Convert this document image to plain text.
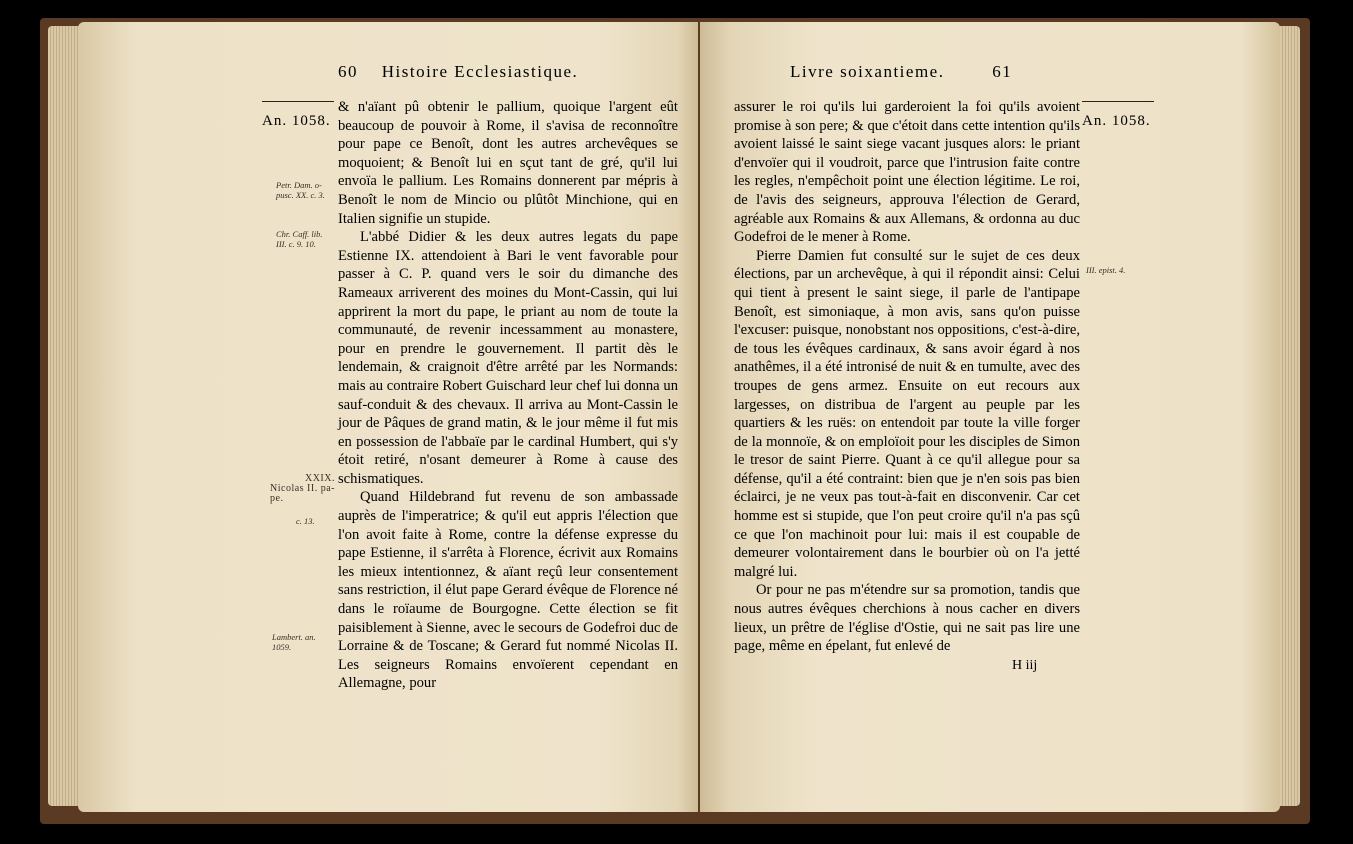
60 Histoire Ecclesiastique.
An. 1058.
Petr. Dam. o-
pusc. XX. c. 3.
Chr. Caff. lib.
III. c. 9. 10.
XXIX.
Nicolas II. pa-
pe.
c. 13.
Lambert. an.
1059.

& n'aïant pû obtenir le pallium, quoique l'argent eût beaucoup de pouvoir à Rome, il s'avisa de reconnoître pour pape ce Benoît, dont les autres archevêques se moquoient; & Benoît lui en sçut tant de gré, qu'il lui envoïa le pallium. Les Romains donnerent par mépris à Benoît le nom de Mincio ou plûtôt Minchione, qui en Italien signifie un stupide.

L'abbé Didier & les deux autres legats du pape Estienne IX. attendoient à Bari le vent favorable pour passer à C. P. quand vers le soir du dimanche des Rameaux arriverent des moines du Mont-Cassin, qui lui apprirent la mort du pape, le priant au nom de toute la communauté, de revenir incessamment au monastere, pour en prendre le gouvernement. Il partit dès le lendemain, & craignoit d'être arrêté par les Normands: mais au contraire Robert Guischard leur chef lui donna un sauf-conduit & des chevaux. Il arriva au Mont-Cassin le jour de Pâques de grand matin, & le jour même il fut mis en possession de l'abbaïe par le cardinal Humbert, qui s'y étoit retiré, n'osant demeurer à Rome à cause des schismatiques.

Quand Hildebrand fut revenu de son ambassade auprès de l'imperatrice; & qu'il eut appris l'élection que l'on avoit faite à Rome, contre la défense expresse du pape Estienne, il s'arrêta à Florence, écrivit aux Romains les mieux intentionnez, & aïant reçû leur consentement sans restriction, il élut pape Gerard évêque de Florence né dans le roïaume de Bourgogne. Cette élection se fit paisiblement à Sienne, avec le secours de Godefroi duc de Lorraine & de Toscane; & Gerard fut nommé Nicolas II. Les seigneurs Romains envoïerent cependant en Allemagne, pour

Livre soixantieme.	61
An. 1058.
III. epist. 4.

assurer le roi qu'ils lui garderoient la foi qu'ils avoient promise à son pere; & que c'étoit dans cette intention qu'ils avoient laissé le saint siege vacant jusques alors: le priant d'envoïer qui il voudroit, parce que l'intrusion faite contre les regles, n'empêchoit point une élection légitime. Le roi, de l'avis des seigneurs, approuva l'élection de Gerard, agréable aux Romains & aux Allemans, & ordonna au duc Godefroi de le mener à Rome.

Pierre Damien fut consulté sur le sujet de ces deux élections, par un archevêque, à qui il répondit ainsi: Celui qui tient à present le saint siege, il parle de l'antipape Benoît, est simoniaque, à mon avis, sans qu'on puisse l'excuser: puisque, nonobstant nos oppositions, c'est-à-dire, de tous les évêques cardinaux, & sans avoir égard à nos anathêmes, il a été intronisé de nuit & en tumulte, avec des troupes de gens armez. Ensuite on eut recours aux largesses, on distribua de l'argent au peuple par les quartiers & les ruës: on entendoit par toute la ville forger de la monnoïe, & on emploïoit pour les disciples de Simon le tresor de saint Pierre. Quant à ce qu'il allegue pour sa défense, qu'il a été contraint: bien que je n'en sois pas bien éclairci, je ne veux pas tout-à-fait en disconvenir. Car cet homme est si stupide, que l'on peut croire qu'il n'a pas sçû ce que l'on machinoit pour lui: mais il est coupable de demeurer volontairement dans le bourbier où on l'a jetté malgré lui.

Or pour ne pas m'étendre sur sa promotion, tandis que nous autres évêques cherchions à nous cacher en divers lieux, un prêtre de l'église d'Ostie, qui ne sait pas lire une page, même en épelant, fut enlevé de

H iij
